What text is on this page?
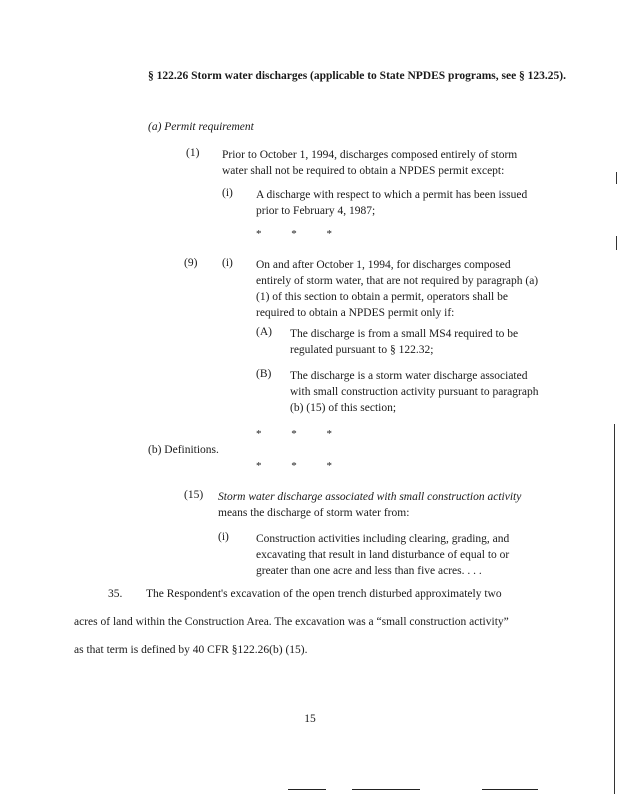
§ 122.26 Storm water discharges (applicable to State NPDES programs, see § 123.25).
(a) Permit requirement
(1) Prior to October 1, 1994, discharges composed entirely of storm water shall not be required to obtain a NPDES permit except:
(i) A discharge with respect to which a permit has been issued prior to February 4, 1987;
*	*	*
(9) (i) On and after October 1, 1994, for discharges composed entirely of storm water, that are not required by paragraph (a)(1) of this section to obtain a permit, operators shall be required to obtain a NPDES permit only if:
(A) The discharge is from a small MS4 required to be regulated pursuant to § 122.32;
(B) The discharge is a storm water discharge associated with small construction activity pursuant to paragraph (b) (15) of this section;
*	*	*
(b) Definitions.
*	*	*
(15) Storm water discharge associated with small construction activity means the discharge of storm water from:
(i) Construction activities including clearing, grading, and excavating that result in land disturbance of equal to or greater than one acre and less than five acres. . . .
35. The Respondent's excavation of the open trench disturbed approximately two
acres of land within the Construction Area. The excavation was a “small construction activity”
as that term is defined by 40 CFR §122.26(b) (15).
15
